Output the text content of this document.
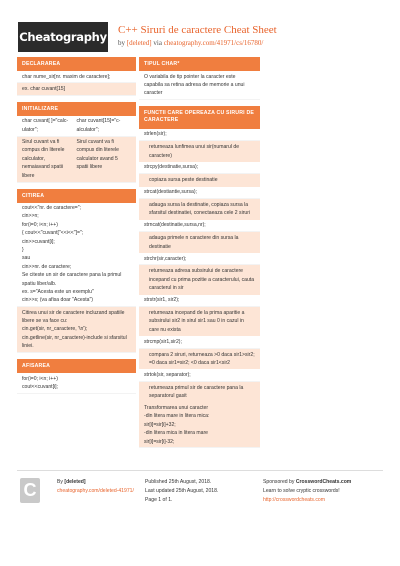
Cheatography C++ Siruri de caractere Cheat Sheet
by [deleted] via cheatography.com/41971/cs/16780/
DECLARAREA
char nume_sir[nr. maxim de caractere];
ex. char cuvant[15]
INITIALIZARE
char cuvant[ ]="calc-ulator";
char cuvant[15]="c-alculator";
Sirul cuvant va fi compus din literele calculator, nemaiavand spatii libere
Sirul cuvant va fi compus din literele calculator avand 5 spatii libere
CITIREA
cout<<"nr. de caractere=";
cin>>n;
for(i=0; i<n; i++)
{ cout<<"cuvant["<<i<<"]=";
cin>>cuvant[i];
}
sau
cin>>nr. de caractere;
Se citeste un sir de caractere pana la primul spatiu liber/alb.
ex. s="Acesta este un exemplu"
cin>>s; (va afisa doar "Acesta")
Citirea unui sir de caractere incluzand spatiile libere se va face cu:
cin.get(sir, nr_caractere, '\n');
cin.getline(sir, nr_caractere)-include si sfarsitul liniei.
AFISAREA
for(i=0; i<n; i++)
cout<<cuvant[i];
TIPUL CHAR*
O variabila de tip pointer la caracter este capabila sa retina adresa de memorie a unui caracter
FUNCTII CARE OPEREAZA CU SIRURI DE CARACTERE
strlen(sir);
returneaza lunfimea unui sir(numarul de caractere)
strcpy(destinatie,sursa);
copiaza sursa peste destinatie
strcat(destiantie,sursa);
adauga sursa la destinatie, copiaza sursa la sfarsitul destinatiei, conectaeaza cele 2 siruri
strncat(destinatie,sursa,nr);
adauga primele n caractere din sursa la destinatie
strchr(sir,caracter);
returneaza adresa subsirului de caractere incepand cu prima pozitie a caracterului, cauta caracterul in sir
strstr(sir1, sir2);
returneaza incepand de la prima aparitie a subsirului sir2 in sirul sir1 sau 0 in cazul in care nu exista
strcmp(sir1,sir2);
compara 2 siruri, returneaza >0 daca sir1>sir2; =0 daca sir1=sir2; <0 daca sir1<sir2
strtok(sir, separator);
returneaza primul sir de caractere pana la separatorul gasit
Transformarea unui caracter
-din litera mare in litera mica:
sir[i]=sir[i]+32;
-din litera mica in litera mare
sir[i]=sir[i]-32;
C	By [deleted]
cheatography.com/deleted-41971/
Published 25th August, 2018.
Last updated 25th August, 2018.
Page 1 of 1.
Sponsored by CrosswordCheats.com
Learn to solve cryptic crosswords!
http://crosswordcheats.com
